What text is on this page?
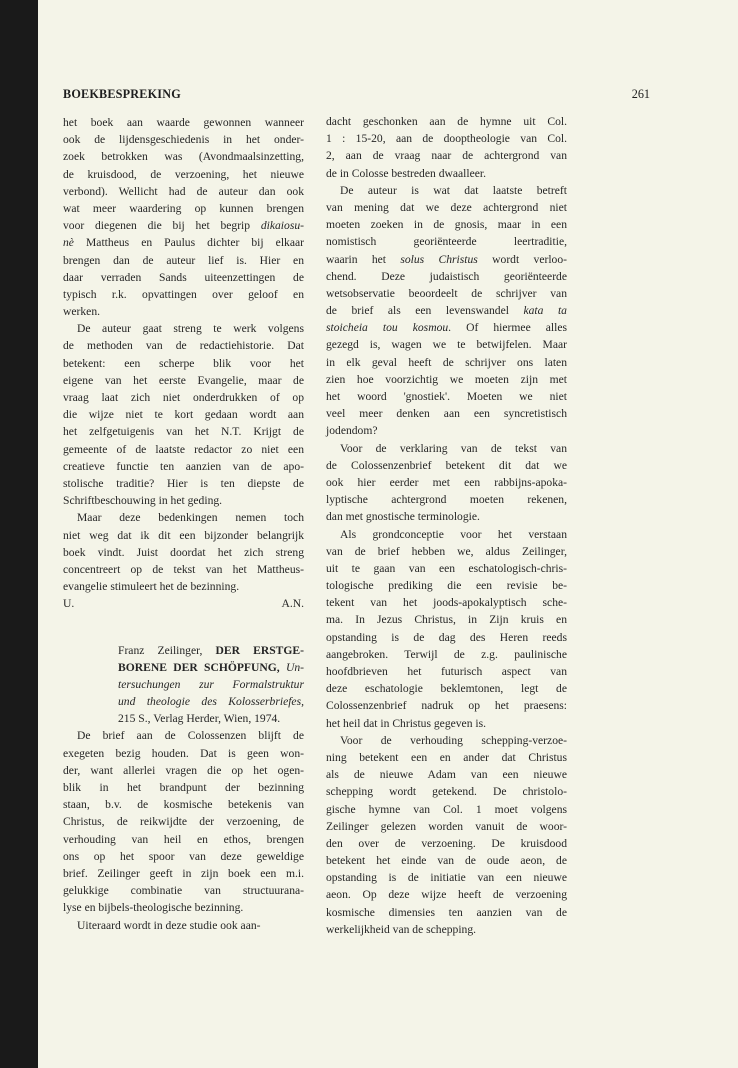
BOEKBESPREKING	261
het boek aan waarde gewonnen wanneer
ook de lijdensgeschiedenis in het onder-
zoek betrokken was (Avondmaalsinzetting,
de kruisdood, de verzoening, het nieuwe
verbond). Wellicht had de auteur dan ook
wat meer waardering op kunnen brengen
voor diegenen die bij het begrip dikaiosu-
nè Mattheus en Paulus dichter bij elkaar
brengen dan de auteur lief is. Hier en
daar verraden Sands uiteenzettingen de
typisch r.k. opvattingen over geloof en
werken.
De auteur gaat streng te werk volgens
de methoden van de redactiehistorie. Dat
betekent: een scherpe blik voor het
eigene van het eerste Evangelie, maar de
vraag laat zich niet onderdrukken of op
die wijze niet te kort gedaan wordt aan
het zelfgetuigenis van het N.T. Krijgt de
gemeente of de laatste redactor zo niet een
creatieve functie ten aanzien van de apo-
stolische traditie? Hier is ten diepste de
Schriftbeschouwing in het geding.
Maar deze bedenkingen nemen toch
niet weg dat ik dit een bijzonder belangrijk
boek vindt. Juist doordat het zich streng
concentreert op de tekst van het Mattheus-
evangelie stimuleert het de bezinning.
U.	A.N.
Franz Zeilinger, DER ERSTGE-
BORENE DER SCHÖPFUNG, Un-
tersuchungen zur Formalstruktur
und theologie des Kolosserbriefes,
215 S., Verlag Herder, Wien, 1974.
De brief aan de Colossenzen blijft de
exegeten bezig houden. Dat is geen won-
der, want allerlei vragen die op het ogen-
blik in het brandpunt der bezinning
staan, b.v. de kosmische betekenis van
Christus, de reikwijdte der verzoening, de
verhouding van heil en ethos, brengen
ons op het spoor van deze geweldige
brief. Zeilinger geeft in zijn boek een m.i.
gelukkige combinatie van structuurana-
lyse en bijbels-theologische bezinning.
Uiteraard wordt in deze studie ook aan-
dacht geschonken aan de hymne uit Col.
1 : 15-20, aan de dooptheologie van Col.
2, aan de vraag naar de achtergrond van
de in Colosse bestreden dwaalleer.
De auteur is wat dat laatste betreft
van mening dat we deze achtergrond niet
moeten zoeken in de gnosis, maar in een
nomistisch georiënteerde leertraditie,
waarin het solus Christus wordt verloo-
chend. Deze judaistisch georiënteerde
wetsobservatie beoordeelt de schrijver van
de brief als een levenswandel kata ta
stoicheia tou kosmou. Of hiermee alles
gezegd is, wagen we te betwijfelen. Maar
in elk geval heeft de schrijver ons laten
zien hoe voorzichtig we moeten zijn met
het woord 'gnostiek'. Moeten we niet
veel meer denken aan een syncretistisch
jodendom?
Voor de verklaring van de tekst van
de Colossenzenbrief betekent dit dat we
ook hier eerder met een rabbijns-apoka-
lyptische achtergrond moeten rekenen,
dan met gnostische terminologie.
Als grondconceptie voor het verstaan
van de brief hebben we, aldus Zeilinger,
uit te gaan van een eschatologisch-chris-
tologische prediking die een revisie be-
tekent van het joods-apokalyptisch sche-
ma. In Jezus Christus, in Zijn kruis en
opstanding is de dag des Heren reeds
aangebroken. Terwijl de z.g. paulinische
hoofdbrieven het futurisch aspect van
deze eschatologie beklemtonen, legt de
Colossenzenbrief nadruk op het praesens:
het heil dat in Christus gegeven is.
Voor de verhouding schepping-verzoe-
ning betekent een en ander dat Christus
als de nieuwe Adam van een nieuwe
schepping wordt getekend. De christolo-
gische hymne van Col. 1 moet volgens
Zeilinger gelezen worden vanuit de woor-
den over de verzoening. De kruisdood
betekent het einde van de oude aeon, de
opstanding is de initiatie van een nieuwe
aeon. Op deze wijze heeft de verzoening
kosmische dimensies ten aanzien van de
werkelijkheid van de schepping.
